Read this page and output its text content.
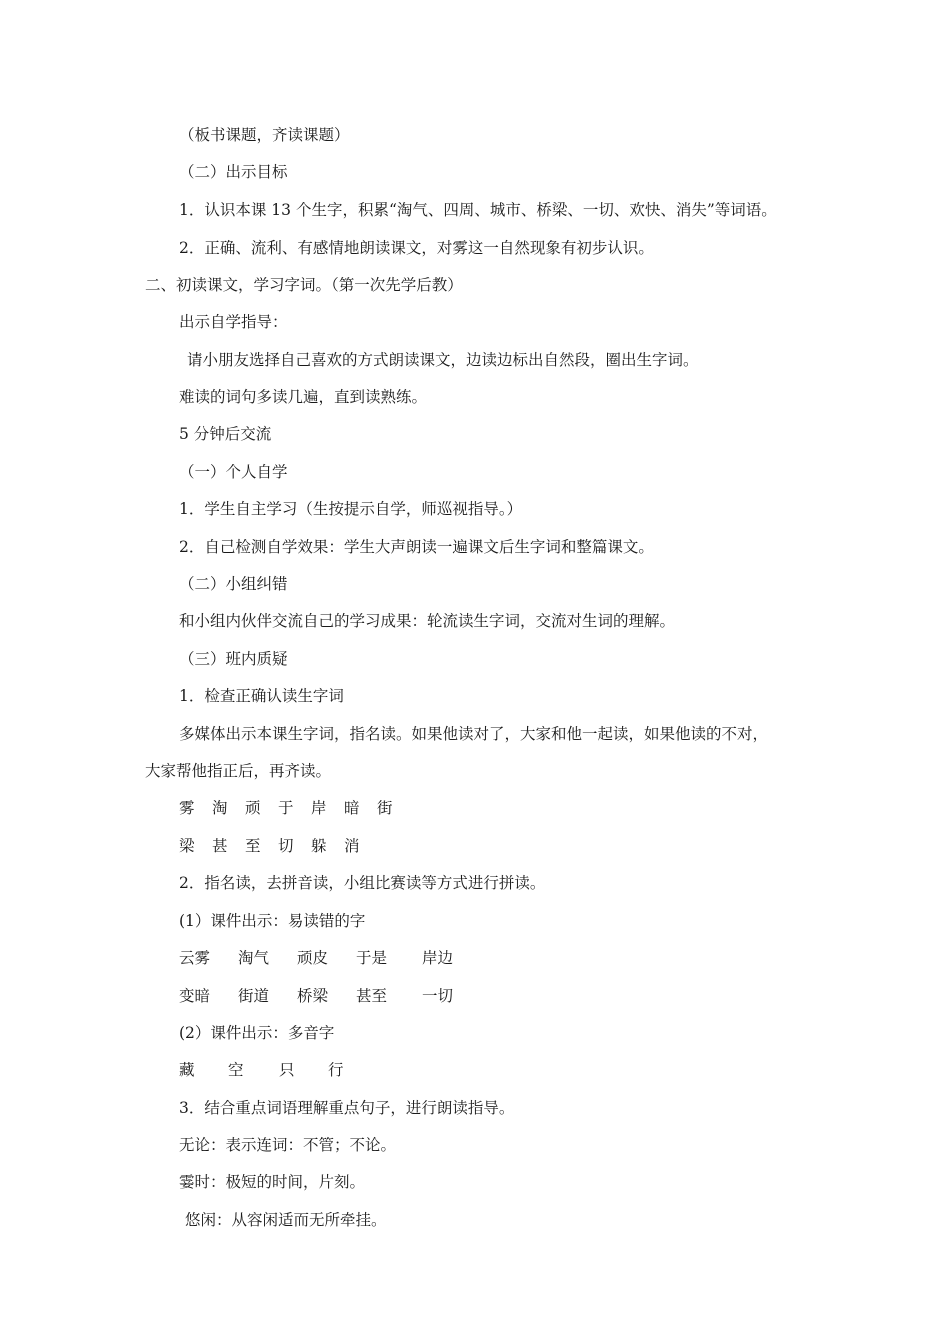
（板书课题，齐读课题）
（二）出示目标
1．认识本课 13 个生字，积累“淘气、四周、城市、桥梁、一切、欢快、消失”等词语。
2．正确、流利、有感情地朗读课文，对雾这一自然现象有初步认识。
二、初读课文，学习字词。（第一次先学后教）
出示自学指导：
请小朋友选择自己喜欢的方式朗读课文，边读边标出自然段，圈出生字词。
难读的词句多读几遍，直到读熟练。
5 分钟后交流
（一）个人自学
1．学生自主学习（生按提示自学，师巡视指导。）
2．自己检测自学效果：学生大声朗读一遍课文后生字词和整篇课文。
（二）小组纠错
和小组内伙伴交流自己的学习成果：轮流读生字词，交流对生词的理解。
（三）班内质疑
1．检查正确认读生字词
多媒体出示本课生字词，指名读。如果他读对了，大家和他一起读，如果他读的不对，
大家帮他指正后，再齐读。
雾	淘	顽	于	岸	暗	街
梁	甚	至	切	躲	消
2．指名读，去拼音读，小组比赛读等方式进行拼读。
(1）课件出示：易读错的字
云雾	淘气	顽皮	于是	岸边
变暗	街道	桥梁	甚至	一切
(2）课件出示：多音字
藏	空	只	行
3．结合重点词语理解重点句子，进行朗读指导。
无论：表示连词：不管；不论。
霎时：极短的时间，片刻。
悠闲：从容闲适而无所牵挂。
